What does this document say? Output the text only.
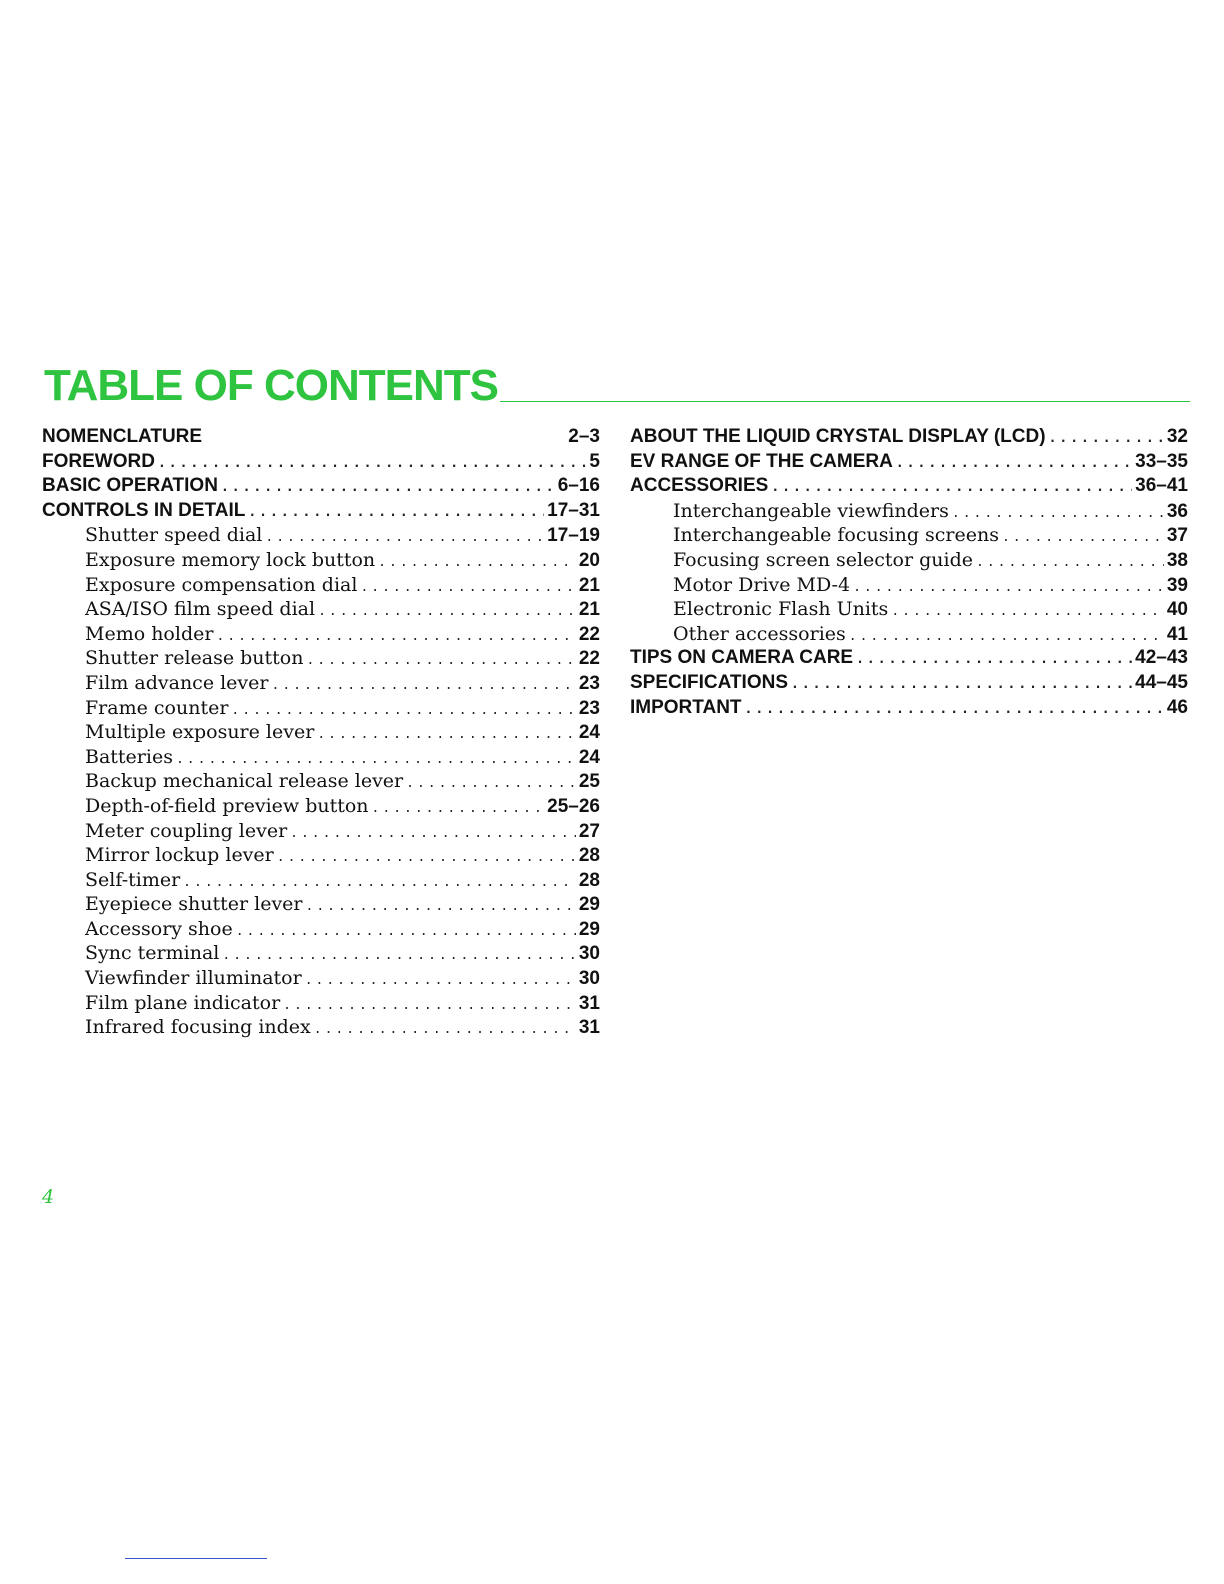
TABLE OF CONTENTS
NOMENCLATURE	2–3
FOREWORD .....	5
BASIC OPERATION .....	6–16
CONTROLS IN DETAIL .....	17–31
Shutter speed dial .....	17–19
Exposure memory lock button .....	20
Exposure compensation dial .....	21
ASA/ISO film speed dial .....	21
Memo holder .....	22
Shutter release button .....	22
Film advance lever .....	23
Frame counter .....	23
Multiple exposure lever .....	24
Batteries .....	24
Backup mechanical release lever .....	25
Depth-of-field preview button .....	25–26
Meter coupling lever .....	27
Mirror lockup lever .....	28
Self-timer .....	28
Eyepiece shutter lever .....	29
Accessory shoe .....	29
Sync terminal .....	30
Viewfinder illuminator .....	30
Film plane indicator .....	31
Infrared focusing index .....	31
ABOUT THE LIQUID CRYSTAL DISPLAY (LCD) .....	32
EV RANGE OF THE CAMERA .....	33–35
ACCESSORIES .....	36–41
Interchangeable viewfinders .....	36
Interchangeable focusing screens .....	37
Focusing screen selector guide .....	38
Motor Drive MD-4 .....	39
Electronic Flash Units .....	40
Other accessories .....	41
TIPS ON CAMERA CARE .....	42–43
SPECIFICATIONS .....	44–45
IMPORTANT .....	46
4
